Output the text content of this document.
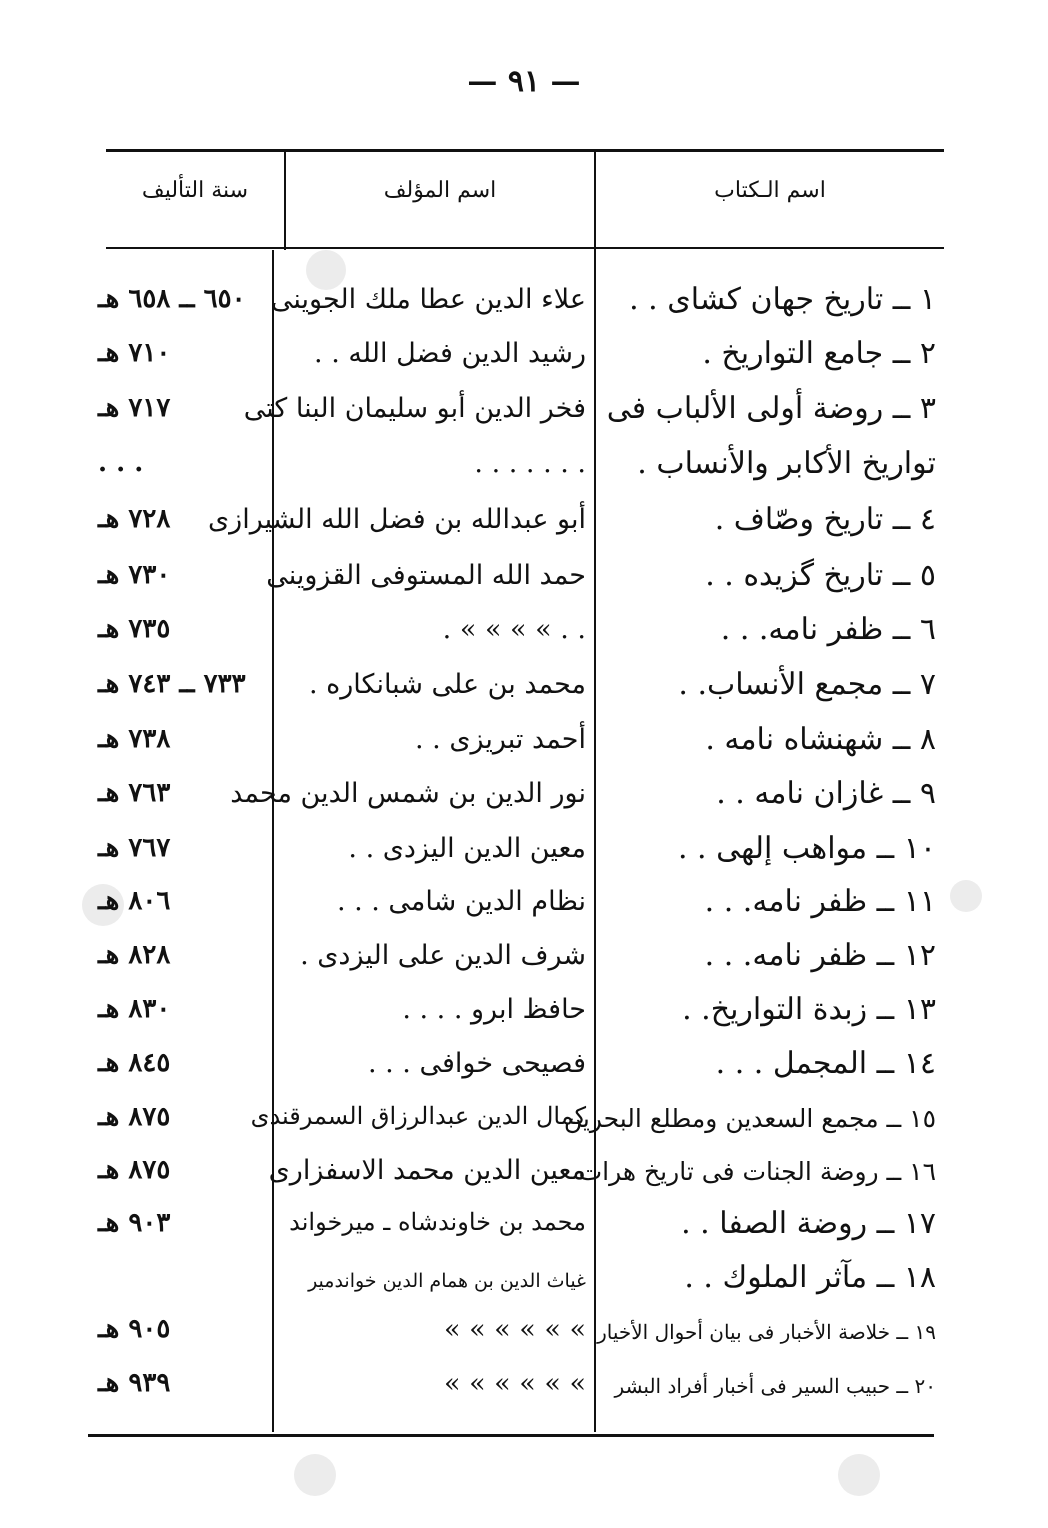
— ٩١ —
اسم الـكتاب
اسم المؤلف
سنة التأليف
١ ــ تاريخ جهان كشاى . .
علاء الدين عطا ملك الجوينى
٦٥٠ ــ ٦٥٨ هـ
٢ ــ جامع التواريخ .
رشيد الدين فضل الله . .
٧١٠ هـ
٣ ــ روضة أولى الألباب فى
فخر الدين أبو سليمان البنا كتى
٧١٧ هـ
تواريخ الأكابر والأنساب .
. . . . . . .
. . .
٤ ــ تاريخ وصّاف .
أبو عبدالله بن فضل الله الشيرازى
٧٢٨ هـ
٥ ــ تاريخ گزيده . .
حمد الله المستوفى القزوينى
٧٣٠ هـ
٦ ــ ظفر نامه. . .
. . » » » » .
٧٣٥ هـ
٧ ــ مجمع الأنساب. .
محمد بن على شبانكاره .
٧٣٣ ــ ٧٤٣ هـ
٨ ــ شهنشاه نامه .
أحمد تبريزى . .
٧٣٨ هـ
٩ ــ غازان نامه . .
نور الدين بن شمس الدين محمد
٧٦٣ هـ
١٠ ــ مواهب إلهى . .
معين الدين اليزدى . .
٧٦٧ هـ
١١ ــ ظفر نامه. . .
نظام الدين شامى . . .
٨٠٦ هـ
١٢ ــ ظفر نامه. . .
شرف الدين على اليزدى .
٨٢٨ هـ
١٣ ــ زبدة التواريخ. .
حافظ ابرو . . . .
٨٣٠ هـ
١٤ ــ المجمل . . .
فصيحى خوافى . . .
٨٤٥ هـ
١٥ ــ مجمع السعدين ومطلع البحرين
كمال الدين عبدالرزاق السمرقندى
٨٧٥ هـ
١٦ ــ روضة الجنات فى تاريخ هرات
معين الدين محمد الاسفزارى
٨٧٥ هـ
١٧ ــ روضة الصفا . .
محمد بن خاوندشاه ـ ميرخواند
٩٠٣ هـ
١٨ ــ مآثر الملوك . .
غياث الدين بن همام الدين خواندمير
١٩ ــ خلاصة الأخبار فى بيان أحوال الأخيار
» » » » » »
٩٠٥ هـ
٢٠ ــ حبيب السير فى أخبار أفراد البشر
» » » » » »
٩٣٩ هـ
